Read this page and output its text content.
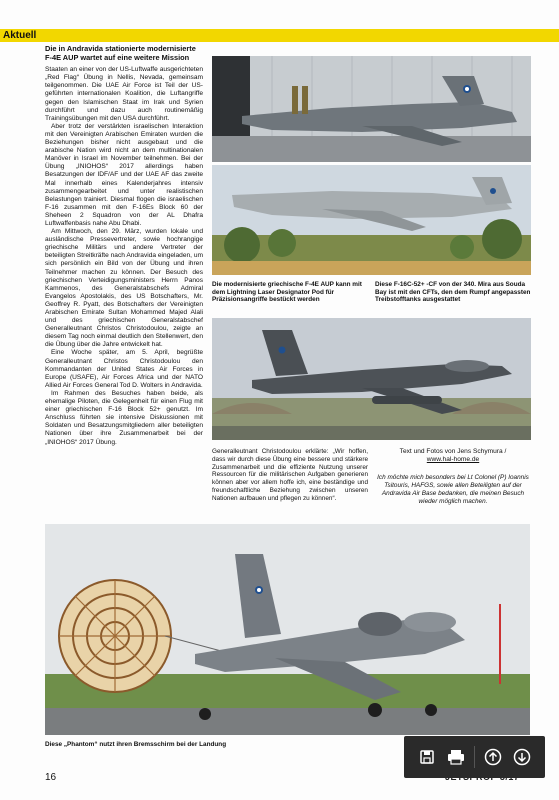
Aktuell
Die in Andravida stationierte modernisierte F-4E AUP wartet auf eine weitere Mission

Staaten an einer von der US-Luftwaffe ausgerichteten „Red Flag“ Übung in Nellis, Nevada, gemeinsam teilgenommen. Die UAE Air Force ist Teil der US-geführten internationalen Koalition, die Luftangriffe gegen den Islamischen Staat im Irak und Syrien durchführt und dazu auch routinemäßig Trainingsübungen mit den USA durchführt.

Aber trotz der verstärkten israelischen Interaktion mit den Vereinigten Arabischen Emiraten wurden die Beziehungen bisher nicht ausgebaut und die arabische Nation wird nicht an dem multinationalen Manöver in Israel im November teilnehmen. Bei der Übung „INIOHOS“ 2017 allerdings haben Besatzungen der IDF/AF und der UAE AF das zweite Mal innerhalb eines Kalenderjahres intensiv zusammengearbeitet und unter realistischen Belastungen trainiert. Diesmal flogen die israelischen F-16 zusammen mit den F-16Es Block 60 der Sheheen 2 Squadron von der AL Dhafra Luftwaffenbasis nahe Abu Dhabi.

Am Mittwoch, den 29. März, wurden lokale und ausländische Pressevertreter, sowie hochrangige griechische Militärs und andere Vertreter der beteiligten Streitkräfte nach Andravida eingeladen, um sich persönlich ein Bild von der Übung und ihren Teilnehmer machen zu können. Der Besuch des griechischen Verteidigungsministers Herrn Panos Kammenos, des Generalstabschefs Admiral Evangelos Apostolakis, des US Botschafters, Mr. Geoffrey R. Pyatt, des Botschafters der Vereinigten Arabischen Emirate Sultan Mohammed Majed Alali und des griechischen Generalstabschef Generalleutnant Christos Christodoulou, zeigte an diesem Tag noch einmal deutlich den Stellenwert, den die Übung über die Jahre entwickelt hat.

Eine Woche später, am 5. April, begrüßte Generalleutnant Christos Christodoulou den Kommandanten der United States Air Forces in Europe (USAFE), Air Forces Africa und der NATO Allied Air Forces General Tod D. Wolters in Andravida.

Im Rahmen des Besuches haben beide, als ehemalige Piloten, die Gelegenheit für einen Flug mit einer griechischen F-16 Block 52+ genutzt. Im Anschluss führten sie intensive Diskussionen mit Soldaten und Besatzungsmitgliedern aller beteiligten Nationen über ihre Zusammenarbeit bei der „INIOHOS“ 2017 Übung.

Die modernisierte griechische F-4E AUP kann mit dem Lightning Laser Designator Pod für Präzisionsangriffe bestückt werden
Diese F-16C-52+ -CF von der 340. Mira aus Souda Bay ist mit den CFTs, den dem Rumpf angepassten Treibstofftanks ausgestattet
Generalleutnant Christodoulou erklärte: „Wir hoffen, dass wir durch diese Übung eine bessere und stärkere Zusammenarbeit und die effiziente Nutzung unserer Ressourcen für die militärischen Aufgaben generieren können aber vor allem hoffe ich, eine beständige und freundschaftliche Beziehung zwischen unseren Nationen aufbauen und pflegen zu können“.
Text und Fotos von Jens Schymura /
www.hal-home.de
Ich möchte mich besonders bei Lt Colonel (P) Ioannis Tsitouris, HAFGS, sowie allen Beteiligten auf der Andravida Air Base bedanken, die meinen Besuch wieder möglich machen.
Diese „Phantom“ nutzt ihren Bremsschirm bei der Landung
16
